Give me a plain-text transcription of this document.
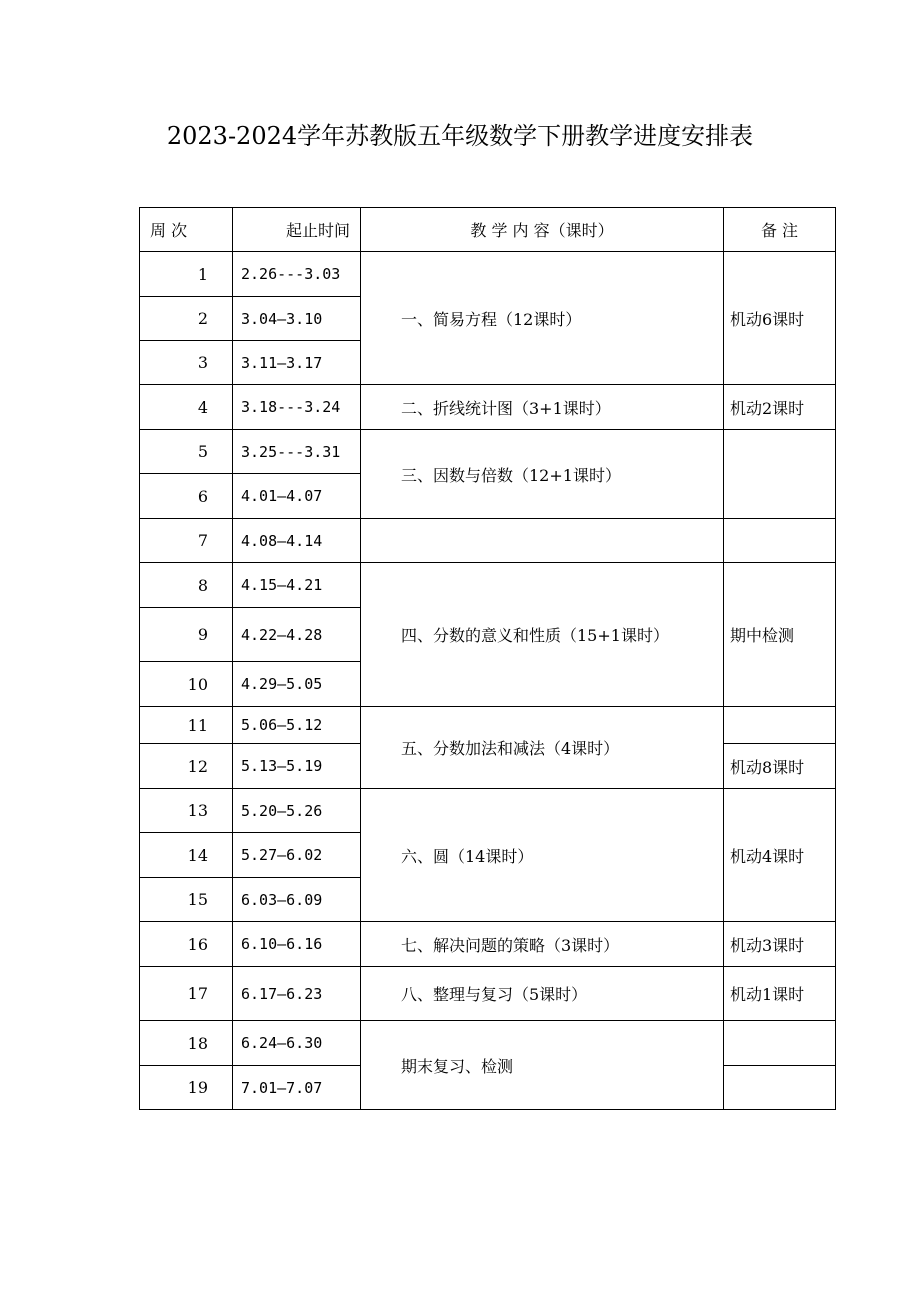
2023-2024学年苏教版五年级数学下册教学进度安排表
周 次	起止时间	教 学 内 容（课时）	备 注
1	2.26---3.03	一、简易方程（12课时）	机动6课时
2	3.04—3.10		
3	3.11—3.17		
4	3.18---3.24	二、折线统计图（3+1课时）	机动2课时
5	3.25---3.31	三、因数与倍数（12+1课时）	
6	4.01—4.07		
7	4.08—4.14		
8	4.15—4.21	四、分数的意义和性质（15+1课时）	期中检测
9	4.22—4.28		
10	4.29—5.05		
11	5.06—5.12	五、分数加法和减法（4课时）	
12	5.13—5.19		机动8课时
13	5.20—5.26	六、圆（14课时）	机动4课时
14	5.27—6.02		
15	6.03—6.09		
16	6.10—6.16	七、解决问题的策略（3课时）	机动3课时
17	6.17—6.23	八、整理与复习（5课时）	机动1课时
18	6.24—6.30	期末复习、检测	
19	7.01—7.07		
